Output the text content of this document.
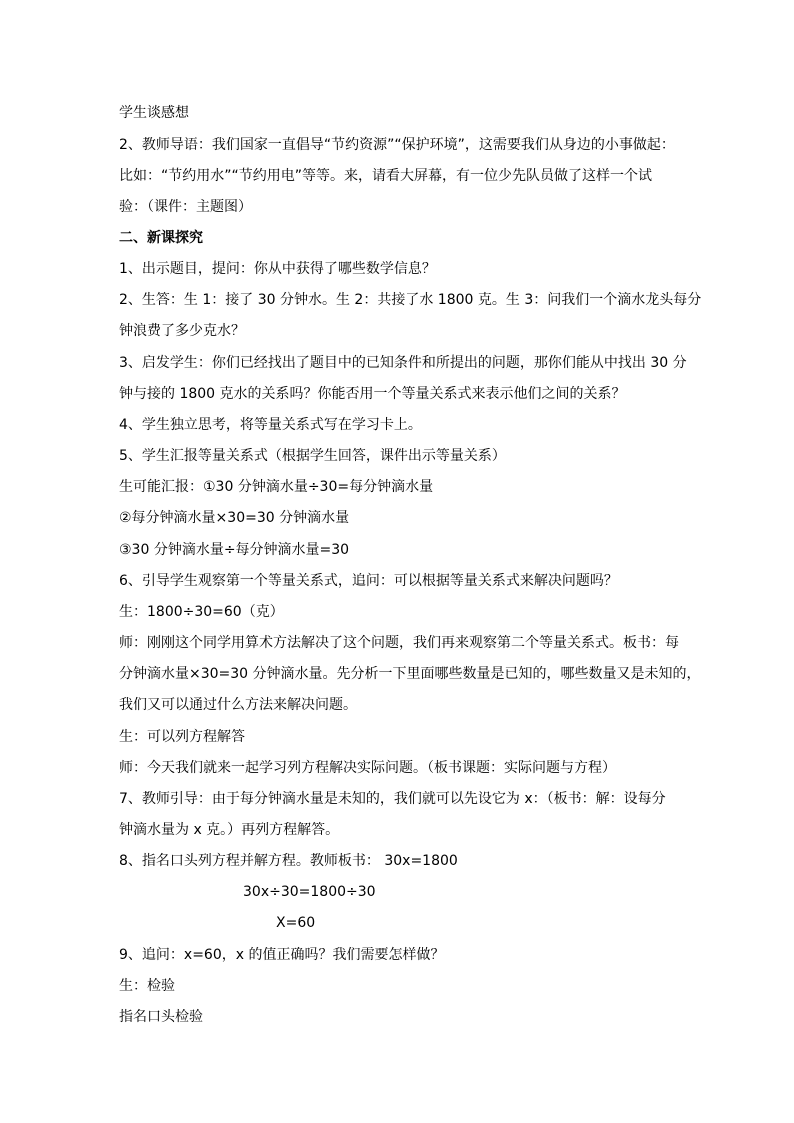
学生谈感想
2、教师导语：我们国家一直倡导“节约资源”“保护环境”，这需要我们从身边的小事做起：
比如：“节约用水”“节约用电”等等。来，请看大屏幕，有一位少先队员做了这样一个试
验：（课件：主题图）
二、新课探究
1、出示题目，提问：你从中获得了哪些数学信息？
2、生答：生 1：接了 30 分钟水。生 2：共接了水 1800 克。生 3：问我们一个滴水龙头每分
钟浪费了多少克水？
3、启发学生：你们已经找出了题目中的已知条件和所提出的问题，那你们能从中找出 30 分
钟与接的 1800 克水的关系吗？你能否用一个等量关系式来表示他们之间的关系？
4、学生独立思考，将等量关系式写在学习卡上。
5、学生汇报等量关系式（根据学生回答，课件出示等量关系）
生可能汇报：①30 分钟滴水量÷30=每分钟滴水量
②每分钟滴水量×30=30 分钟滴水量
③30 分钟滴水量÷每分钟滴水量=30
6、引导学生观察第一个等量关系式，追问：可以根据等量关系式来解决问题吗？
生：1800÷30=60（克）
师：刚刚这个同学用算术方法解决了这个问题，我们再来观察第二个等量关系式。板书：每
分钟滴水量×30=30 分钟滴水量。先分析一下里面哪些数量是已知的，哪些数量又是未知的，
我们又可以通过什么方法来解决问题。
生：可以列方程解答
师：今天我们就来一起学习列方程解决实际问题。（板书课题：实际问题与方程）
7、教师引导：由于每分钟滴水量是未知的，我们就可以先设它为 x：（板书：解：设每分
钟滴水量为 x 克。）再列方程解答。
8、指名口头列方程并解方程。教师板书： 30x=1800
30x÷30=1800÷30
X=60
9、追问：x=60，x 的值正确吗？我们需要怎样做？
生：检验
指名口头检验
